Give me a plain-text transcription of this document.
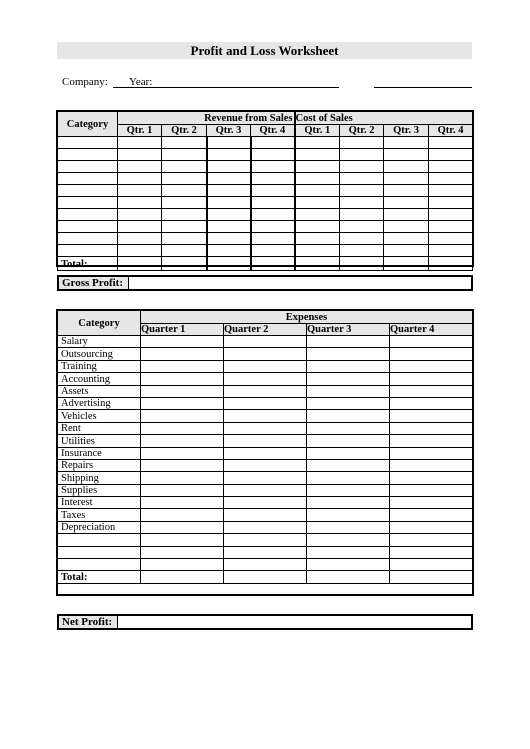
Profit and Loss Worksheet
Company: Year:
Category	Revenue from Sales				Cost of Sales			
	Qtr. 1	Qtr. 2	Qtr. 3	Qtr. 4	Qtr. 1	Qtr. 2	Qtr. 3	Qtr. 4

Total:								
Gross Profit:
Category	Expenses			
	Quarter 1	Quarter 2	Quarter 3	Quarter 4
Salary				
Outsourcing				
Training				
Accounting				
Assets				
Advertising				
Vehicles				
Rent				
Utilities				
Insurance				
Repairs				
Shipping				
Supplies				
Interest				
Taxes				
Depreciation				

Total:				
Net Profit:
